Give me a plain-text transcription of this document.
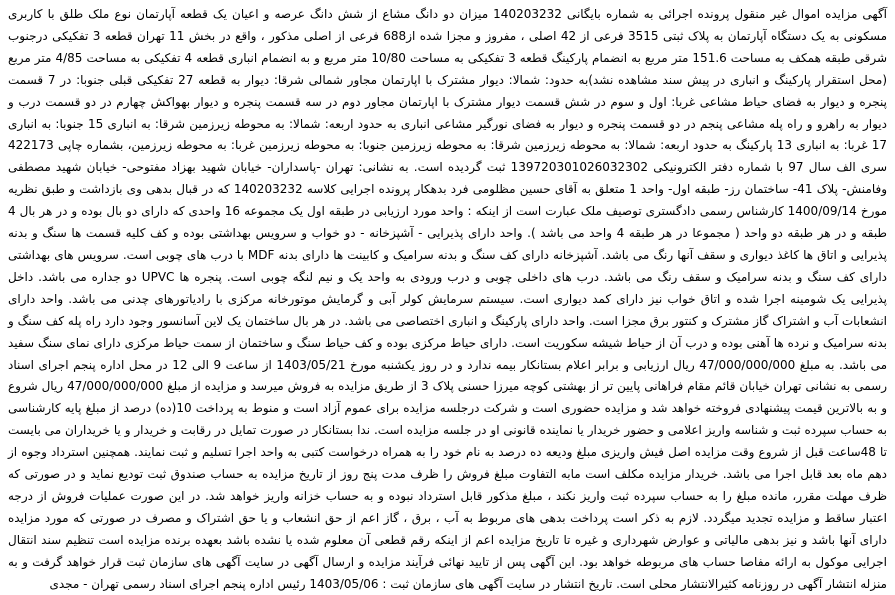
آگهی مزایده اموال غیر منقول پرونده اجرائی به شماره بایگانی 140203232 میزان دو دانگ مشاع از شش دانگ عرصه و اعیان یک قطعه آپارتمان نوع ملک طلق با کاربری مسکونی به یک دستگاه آپارتمان به پلاک ثبتی 3515 فرعی از 42 اصلی ، مفروز و مجزا شده از688 فرعی از اصلی مذکور ، واقع در بخش 11 تهران قطعه 3 تفکیکی درجنوب شرقی طبقه همکف به مساحت 151.6 متر مربع به انضمام پارکینگ قطعه 3 تفکیکی به مساحت 10/80 متر مربع و به انضمام انباری قطعه 4 تفکیکی به مساحت 4/85 متر مربع (محل استقرار پارکینگ و انباری در پیش سند مشاهده نشد)به حدود: شمالا: دیوار مشترک با اپارتمان مجاور شمالی شرقا: دیوار به قطعه 27 تفکیکی قبلی جنوبا: در 7 قسمت پنجره و دیوار به فضای حیاط مشاعی غربا: اول و سوم در شش قسمت دیوار مشترک با اپارتمان مجاور دوم در سه قسمت پنجره و دیوار بهواکش چهارم در دو قسمت درب و دیوار به راهرو و راه پله مشاعی پنجم در دو قسمت پنجره و دیوار به فضای نورگیر مشاعی انباری به حدود اربعه: شمالا: به محوطه زیرزمین شرقا: به انباری 15 جنوبا: به انباری 17 غربا: به انباری 13 پارکینگ به حدود اربعه: شمالا: به محوطه زیرزمین شرقا: به محوطه زیرزمین جنوبا: به محوطه زیرزمین غربا: به محوطه زیرزمین، بشماره چاپی 422173 سری الف سال 97 با شماره دفتر الکترونیکی 139720301026032302 ثبت گردیده است. به نشانی: تهران -پاسداران- خیابان شهید بهزاد مفتوحی- خیابان شهید مصطفی وفامنش- پلاک 41- ساختمان رز- طبقه اول- واحد 1 متعلق به آقای حسین مظلومی فرد بدهکار پرونده اجرایی کلاسه 140203232 که در قبال بدهی وی بازداشت و طبق نظریه مورخ 1400/09/14 کارشناس رسمی دادگستری توصیف ملک عبارت است از اینکه : واحد مورد ارزیابی در طبقه اول یک مجموعه 16 واحدی که دارای دو بال بوده و در هر بال 4 طبقه و در هر طبقه دو واحد ( مجموعا در هر طبقه 4 واحد می باشد ). واحد دارای پذیرایی - آشپزخانه - دو خواب و سرویس بهداشتی بوده و کف کلیه قسمت ها سنگ و بدنه پذیرایی و اتاق ها کاغذ دیواری و سقف آنها رنگ می باشد. آشپزخانه دارای کف سنگ و بدنه سرامیک و کابینت ها دارای بدنه MDF با درب های چوبی است. سرویس های بهداشتی دارای کف سنگ و بدنه سرامیک و سقف رنگ می باشد. درب های داخلی چوبی و درب ورودی به واحد یک و نیم لنگه چوبی است. پنجره ها UPVC دو جداره می باشد. داخل پذیرایی یک شومینه اجرا شده و اتاق خواب نیز دارای کمد دیواری است. سیستم سرمایش کولر آبی و گرمایش موتورخانه مرکزی با رادیاتورهای چدنی می باشد. واحد دارای انشعابات آب و اشتراک گاز مشترک و کنتور برق مجزا است. واحد دارای پارکینگ و انباری اختصاصی می باشد. در هر بال ساختمان یک لاین آسانسور وجود دارد راه پله کف سنگ و بدنه سرامیک و نرده ها آهنی بوده و درب آن از حیاط شیشه سکوریت است. دارای حیاط مرکزی بوده و کف حیاط سنگ و ساختمان از سمت حیاط مرکزی دارای نمای سنگ سفید می باشد. به مبلغ 47/000/000/000 ریال ارزیابی و برابر اعلام بستانکار بیمه ندارد و در روز یکشنبه مورخ 1403/05/21 از ساعت 9 الی 12 در محل اداره پنجم اجرای اسناد رسمی به نشانی تهران خیابان قائم مقام فراهانی پایین تر از بهشتی کوچه میرزا حسنی پلاک 3 از طریق مزایده به فروش میرسد و مزایده از مبلغ 47/000/000/000 ریال شروع و به بالاترین قیمت پیشنهادی فروخته خواهد شد و مزایده حضوری است و شرکت درجلسه مزایده برای عموم آزاد است و منوط به پرداخت 10(ده) درصد از مبلغ پایه کارشناسی به حساب سپرده ثبت و شناسه واریز اعلامی و حضور خریدار یا نماینده قانونی او در جلسه مزایده است. ندا بستانکار در صورت تمایل در رقابت و خریدار و یا خریداران می بایست تا 48ساعت قبل از شروع وقت مزایده اصل فیش واریزی مبلغ ودیعه ده درصد به نام خود را به همراه درخواست کتبی به واحد اجرا تسلیم و ثبت نمایند. همچنین استرداد وجوه از دهم ماه بعد قابل اجرا می باشد. خریدار مزایده مکلف است مابه التفاوت مبلغ فروش را ظرف مدت پنج روز از تاریخ مزایده به حساب صندوق ثبت تودیع نماید و در صورتی که ظرف مهلت مقرر، مانده مبلغ را به حساب سپرده ثبت واریز نکند ، مبلغ مذکور قابل استرداد نبوده و به حساب خزانه واریز خواهد شد. در این صورت عملیات فروش از درجه اعتبار ساقط و مزایده تجدید میگردد. لازم به ذکر است پرداخت بدهی های مربوط به آب ، برق ، گاز اعم از حق انشعاب و یا حق اشتراک و مصرف در صورتی که مورد مزایده دارای آنها باشد و نیز بدهی مالیاتی و عوارض شهرداری و غیره تا تاریخ مزایده اعم از اینکه رقم قطعی آن معلوم شده یا نشده باشد بعهده برنده مزایده است تنظیم سند انتقال اجرایی موکول به ارائه مفاصا حساب های مربوطه خواهد بود. این آگهی پس از تایید نهائی فرآیند مزایده و ارسال آگهی در سایت آگهی های سازمان ثبت قرار خواهد گرفت و به منزله انتشار آگهی در روزنامه کثیرالانتشار محلی است. تاریخ انتشار در سایت آگهی های سازمان ثبت : 1403/05/06 رئیس اداره پنجم اجرای اسناد رسمی تهران - مجدی
